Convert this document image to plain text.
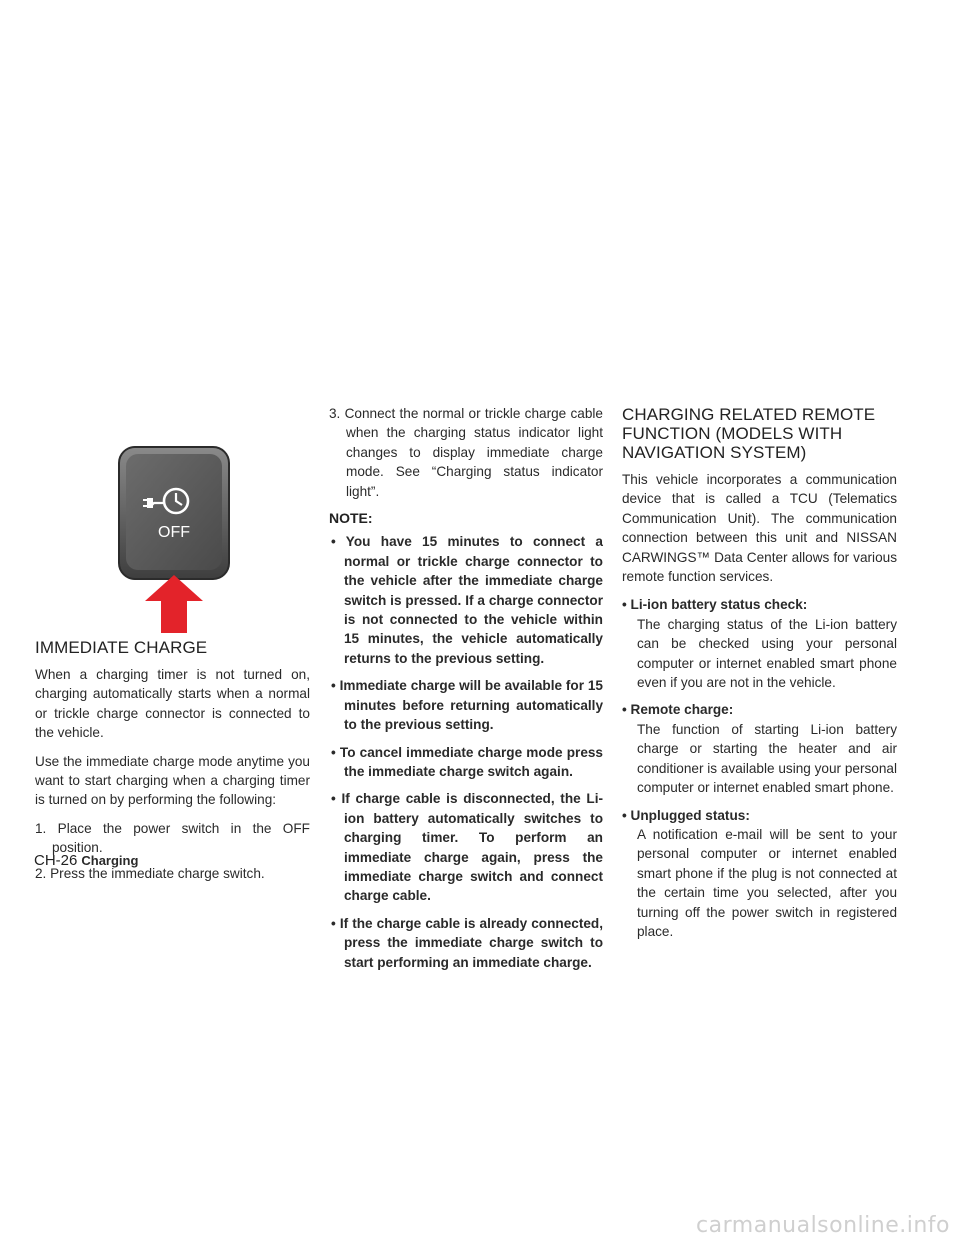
OFF
IMMEDIATE CHARGE

When a charging timer is not turned on, charging automatically starts when a normal or trickle charge connector is connected to the vehicle.

Use the immediate charge mode anytime you want to start charging when a charging timer is turned on by performing the following:

1. Place the power switch in the OFF position.
2. Press the immediate charge switch.
3. Connect the normal or trickle charge cable when the charging status indicator light changes to display immediate charge mode. See “Charging status indicator light”.
NOTE:
• You have 15 minutes to connect a normal or trickle charge connector to the vehicle after the immediate charge switch is pressed. If a charge connector is not connected to the vehicle within 15 minutes, the vehicle automatically returns to the previous setting.
• Immediate charge will be available for 15 minutes before returning automatically to the previous setting.
• To cancel immediate charge mode press the immediate charge switch again.
• If charge cable is disconnected, the Li-ion battery automatically switches to charging timer. To perform an immediate charge again, press the immediate charge switch and connect charge cable.
• If the charge cable is already connected, press the immediate charge switch to start performing an immediate charge.
CHARGING RELATED REMOTE FUNCTION (MODELS WITH NAVIGATION SYSTEM)

This vehicle incorporates a communication device that is called a TCU (Telematics Communication Unit). The communication connection between this unit and NISSAN CARWINGS™ Data Center allows for various remote function services.

• Li-ion battery status check:
The charging status of the Li-ion battery can be checked using your personal computer or internet enabled smart phone even if you are not in the vehicle.
• Remote charge:
The function of starting Li-ion battery charge or starting the heater and air conditioner is available using your personal computer or internet enabled smart phone.
• Unplugged status:
A notification e-mail will be sent to your personal computer or internet enabled smart phone if the plug is not connected at the certain time you selected, after you turning off the power switch in registered place.
CH-26 Charging
carmanualsonline.info
